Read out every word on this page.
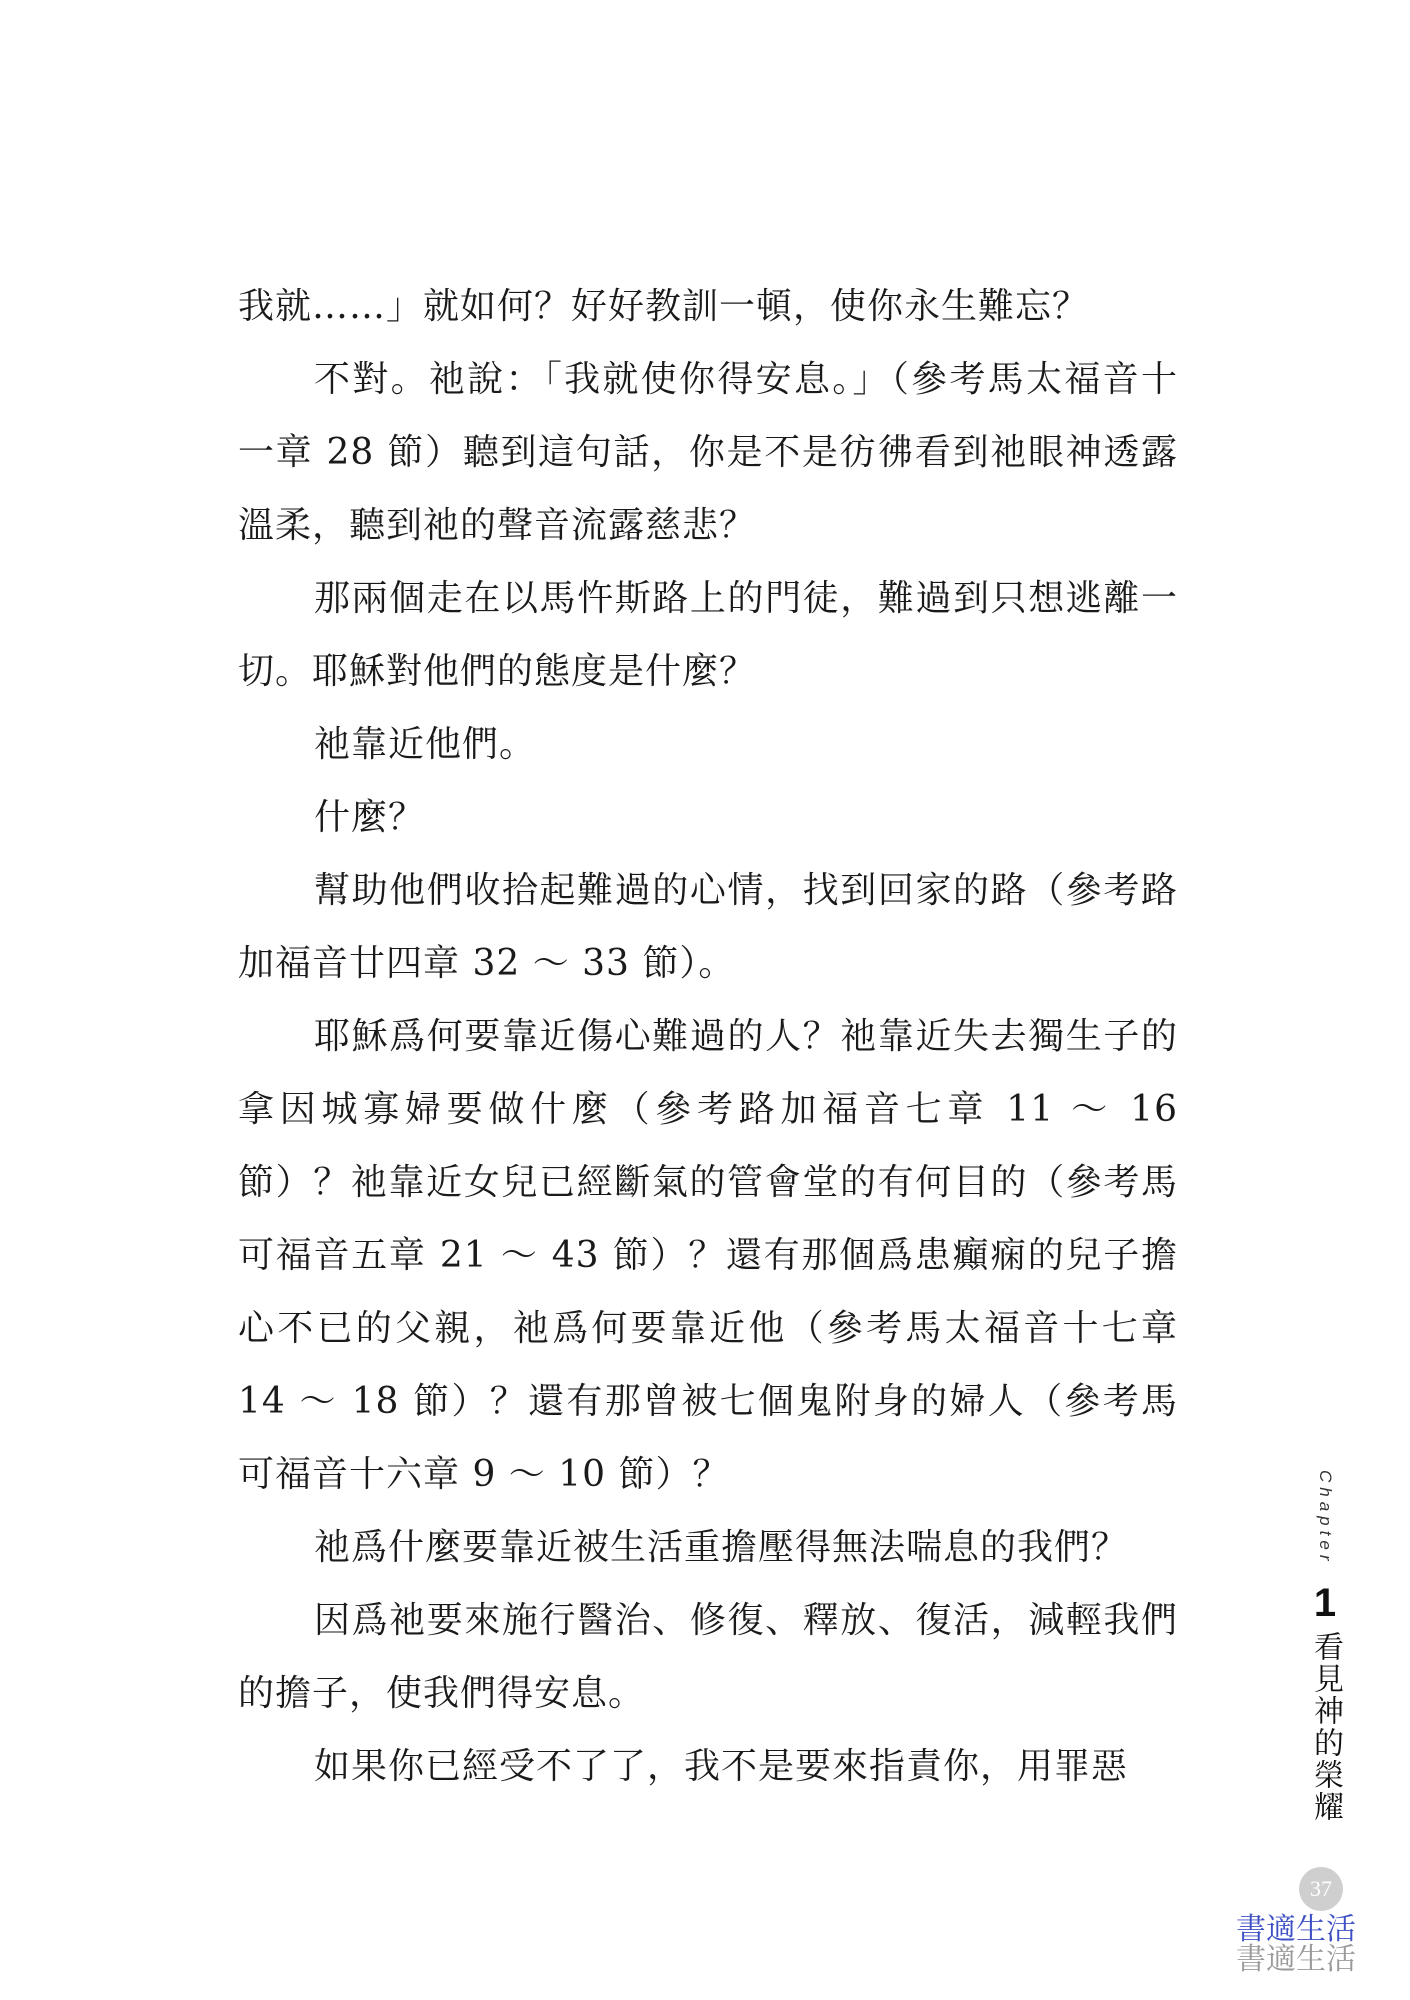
我就……」就如何？好好教訓一頓，使你永生難忘？

不對。祂說：「我就使你得安息。」（參考馬太福音十一章 28 節）聽到這句話，你是不是彷彿看到祂眼神透露溫柔，聽到祂的聲音流露慈悲？

那兩個走在以馬忤斯路上的門徒，難過到只想逃離一切。耶穌對他們的態度是什麼？

祂靠近他們。

什麼？

幫助他們收拾起難過的心情，找到回家的路（參考路加福音廿四章 32 ～ 33 節）。

耶穌爲何要靠近傷心難過的人？祂靠近失去獨生子的拿因城寡婦要做什麼（參考路加福音七章 11 ～ 16 節）？祂靠近女兒已經斷氣的管會堂的有何目的（參考馬可福音五章 21 ～ 43 節）？還有那個爲患癲痫的兒子擔心不已的父親，祂爲何要靠近他（參考馬太福音十七章 14 ～ 18 節）？還有那曾被七個鬼附身的婦人（參考馬可福音十六章 9 ～ 10 節）？

祂爲什麼要靠近被生活重擔壓得無法喘息的我們？

因爲祂要來施行醫治、修復、釋放、復活，減輕我們的擔子，使我們得安息。

如果你已經受不了了，我不是要來指責你，用罪惡

Chapter
1
看見神的榮耀
37
書適生活
書適生活
